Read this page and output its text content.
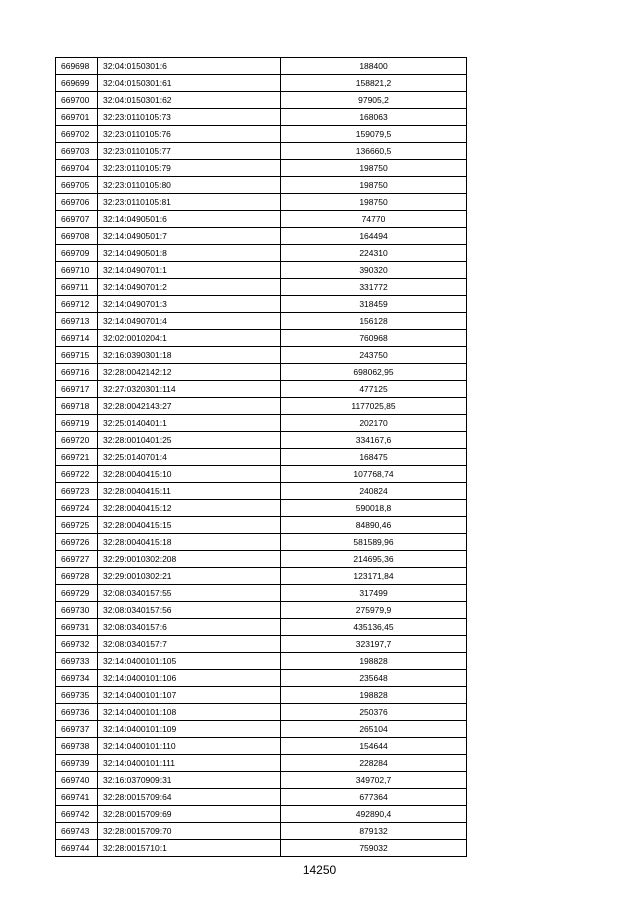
669698	32:04:0150301:6	188400
669699	32:04:0150301:61	158821,2
669700	32:04:0150301:62	97905,2
669701	32:23:0110105:73	168063
669702	32:23:0110105:76	159079,5
669703	32:23:0110105:77	136660,5
669704	32:23:0110105:79	198750
669705	32:23:0110105:80	198750
669706	32:23:0110105:81	198750
669707	32:14:0490501:6	74770
669708	32:14:0490501:7	164494
669709	32:14:0490501:8	224310
669710	32:14:0490701:1	390320
669711	32:14:0490701:2	331772
669712	32:14:0490701:3	318459
669713	32:14:0490701:4	156128
669714	32:02:0010204:1	760968
669715	32:16:0390301:18	243750
669716	32:28:0042142:12	698062,95
669717	32:27:0320301:114	477125
669718	32:28:0042143:27	1177025,85
669719	32:25:0140401:1	202170
669720	32:28:0010401:25	334167,6
669721	32:25:0140701:4	168475
669722	32:28:0040415:10	107768,74
669723	32:28:0040415:11	240824
669724	32:28:0040415:12	590018,8
669725	32:28:0040415:15	84890,46
669726	32:28:0040415:18	581589,96
669727	32:29:0010302:208	214695,36
669728	32:29:0010302:21	123171,84
669729	32:08:0340157:55	317499
669730	32:08:0340157:56	275979,9
669731	32:08:0340157:6	435136,45
669732	32:08:0340157:7	323197,7
669733	32:14:0400101:105	198828
669734	32:14:0400101:106	235648
669735	32:14:0400101:107	198828
669736	32:14:0400101:108	250376
669737	32:14:0400101:109	265104
669738	32:14:0400101:110	154644
669739	32:14:0400101:111	228284
669740	32:16:0370909:31	349702,7
669741	32:28:0015709:64	677364
669742	32:28:0015709:69	492890,4
669743	32:28:0015709:70	879132
669744	32:28:0015710:1	759032
14250
